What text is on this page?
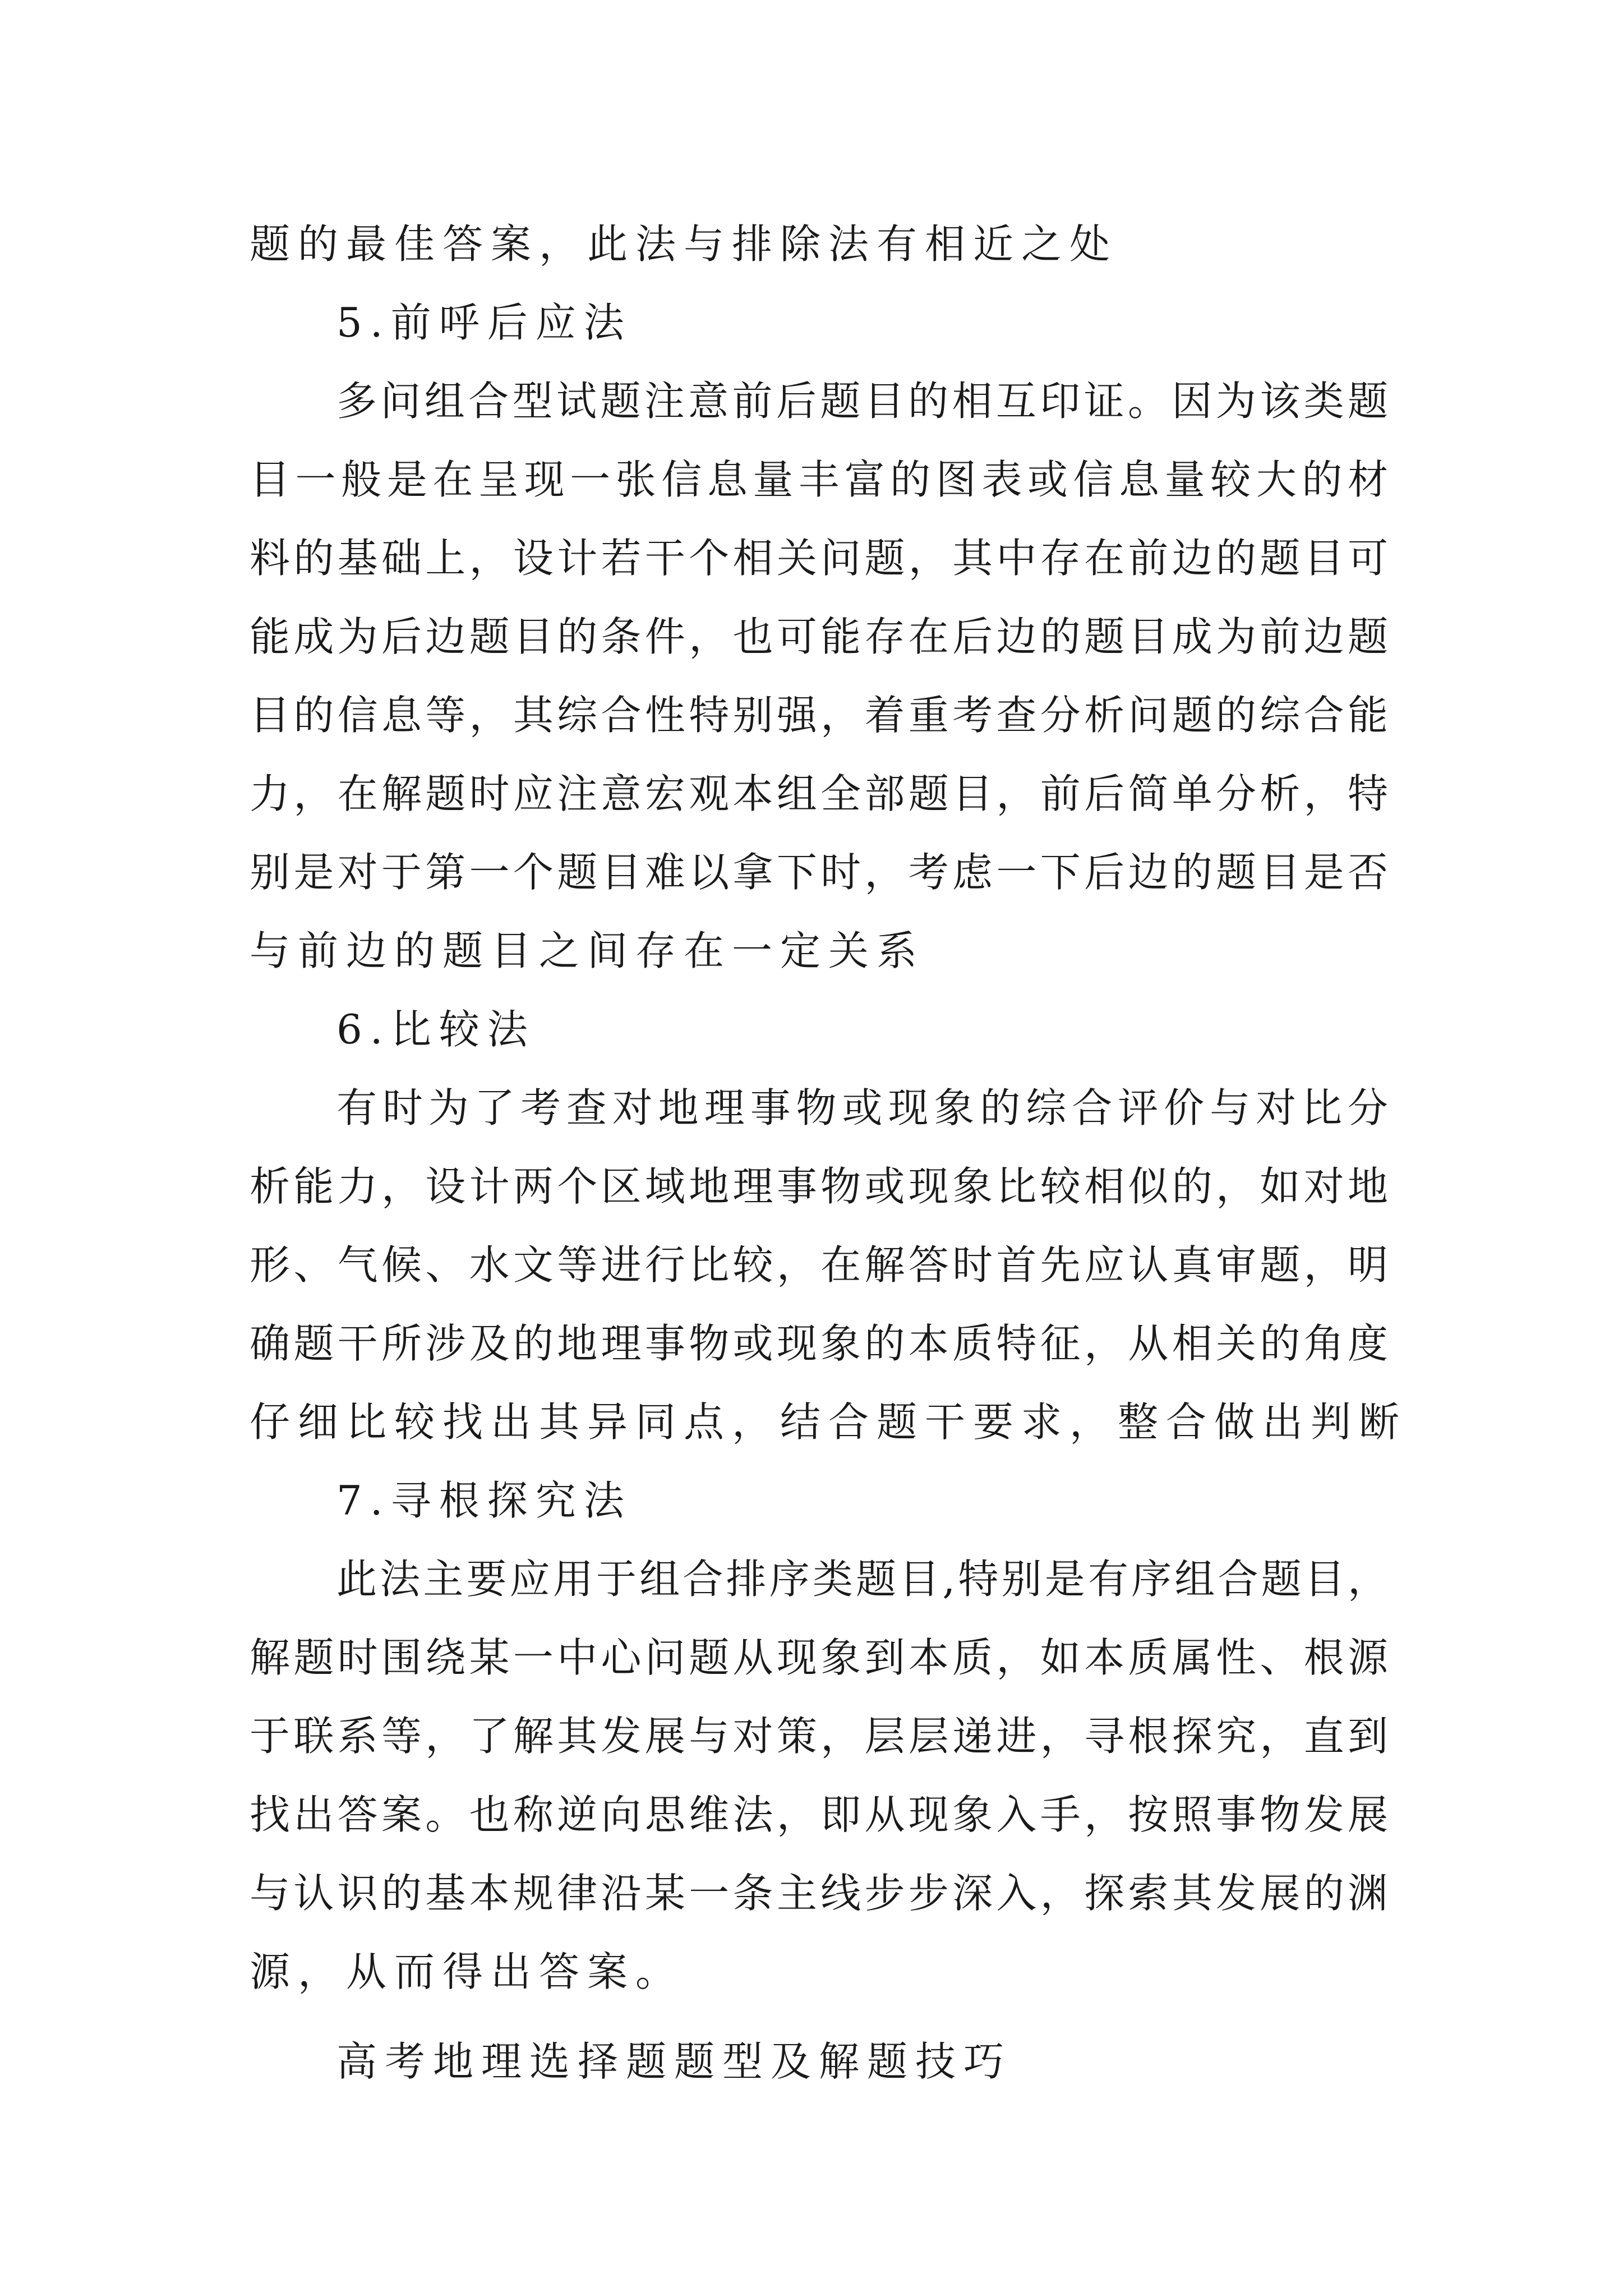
题的最佳答案，此法与排除法有相近之处

5.前呼后应法

多问组合型试题注意前后题目的相互印证。因为该类题

目一般是在呈现一张信息量丰富的图表或信息量较大的材

料的基础上，设计若干个相关问题，其中存在前边的题目可

能成为后边题目的条件，也可能存在后边的题目成为前边题

目的信息等，其综合性特别强，着重考查分析问题的综合能

力，在解题时应注意宏观本组全部题目，前后简单分析，特

别是对于第一个题目难以拿下时，考虑一下后边的题目是否

与前边的题目之间存在一定关系

6.比较法

有时为了考查对地理事物或现象的综合评价与对比分

析能力，设计两个区域地理事物或现象比较相似的，如对地

形、气候、水文等进行比较，在解答时首先应认真审题，明

确题干所涉及的地理事物或现象的本质特征，从相关的角度

仔细比较找出其异同点，结合题干要求，整合做出判断

7.寻根探究法

此法主要应用于组合排序类题目,特别是有序组合题目，

解题时围绕某一中心问题从现象到本质，如本质属性、根源

于联系等，了解其发展与对策，层层递进，寻根探究，直到

找出答案。也称逆向思维法，即从现象入手，按照事物发展

与认识的基本规律沿某一条主线步步深入，探索其发展的渊

源，从而得出答案。

高考地理选择题题型及解题技巧
